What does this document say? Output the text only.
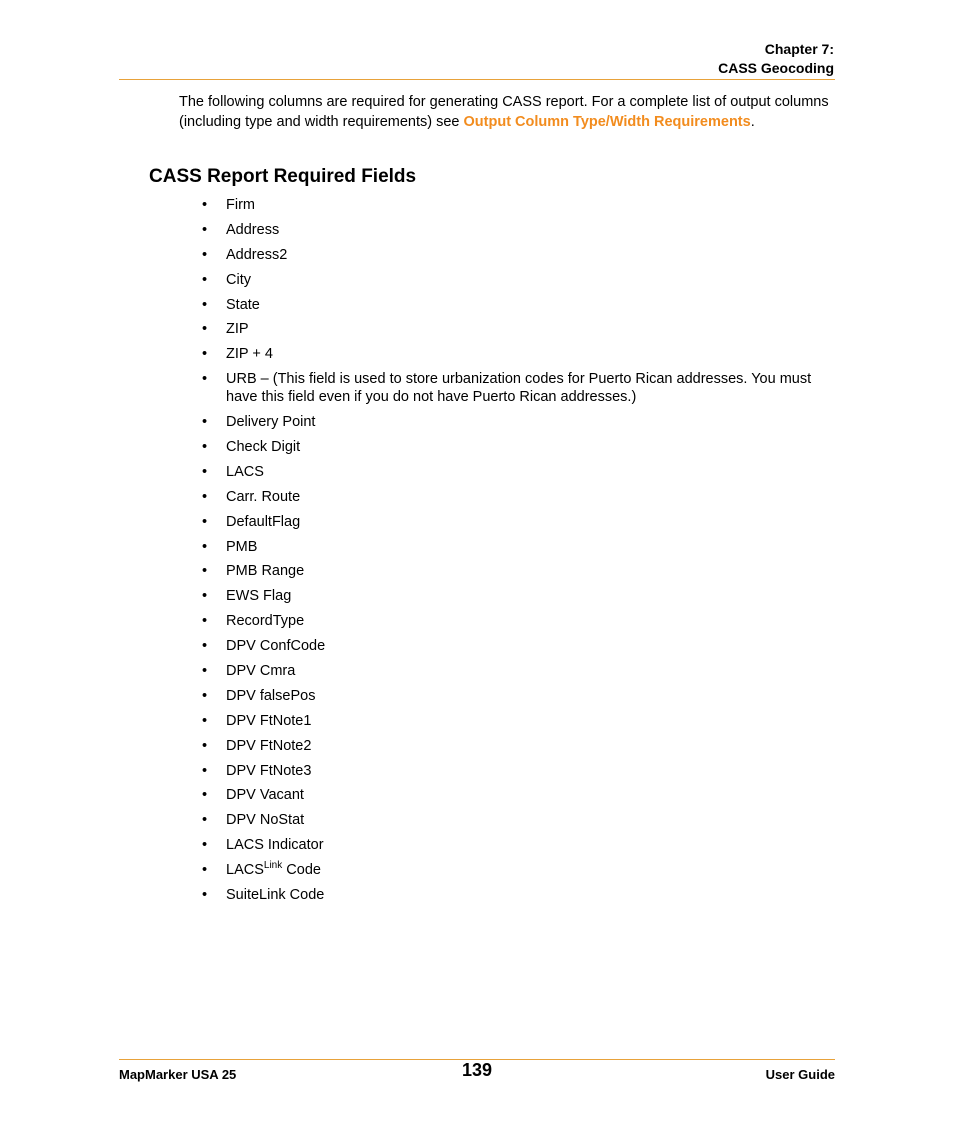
Chapter 7:
CASS Geocoding

The following columns are required for generating CASS report. For a complete list of output columns (including type and width requirements) see Output Column Type/Width Requirements.

CASS Report Required Fields
• Firm
• Address
• Address2
• City
• State
• ZIP
• ZIP + 4
• URB – (This field is used to store urbanization codes for Puerto Rican addresses. You must have this field even if you do not have Puerto Rican addresses.)
• Delivery Point
• Check Digit
• LACS
• Carr. Route
• DefaultFlag
• PMB
• PMB Range
• EWS Flag
• RecordType
• DPV ConfCode
• DPV Cmra
• DPV falsePos
• DPV FtNote1
• DPV FtNote2
• DPV FtNote3
• DPV Vacant
• DPV NoStat
• LACS Indicator
• $LACS^{Link}$ Code
• SuiteLink Code
MapMarker USA 25	139	User Guide
